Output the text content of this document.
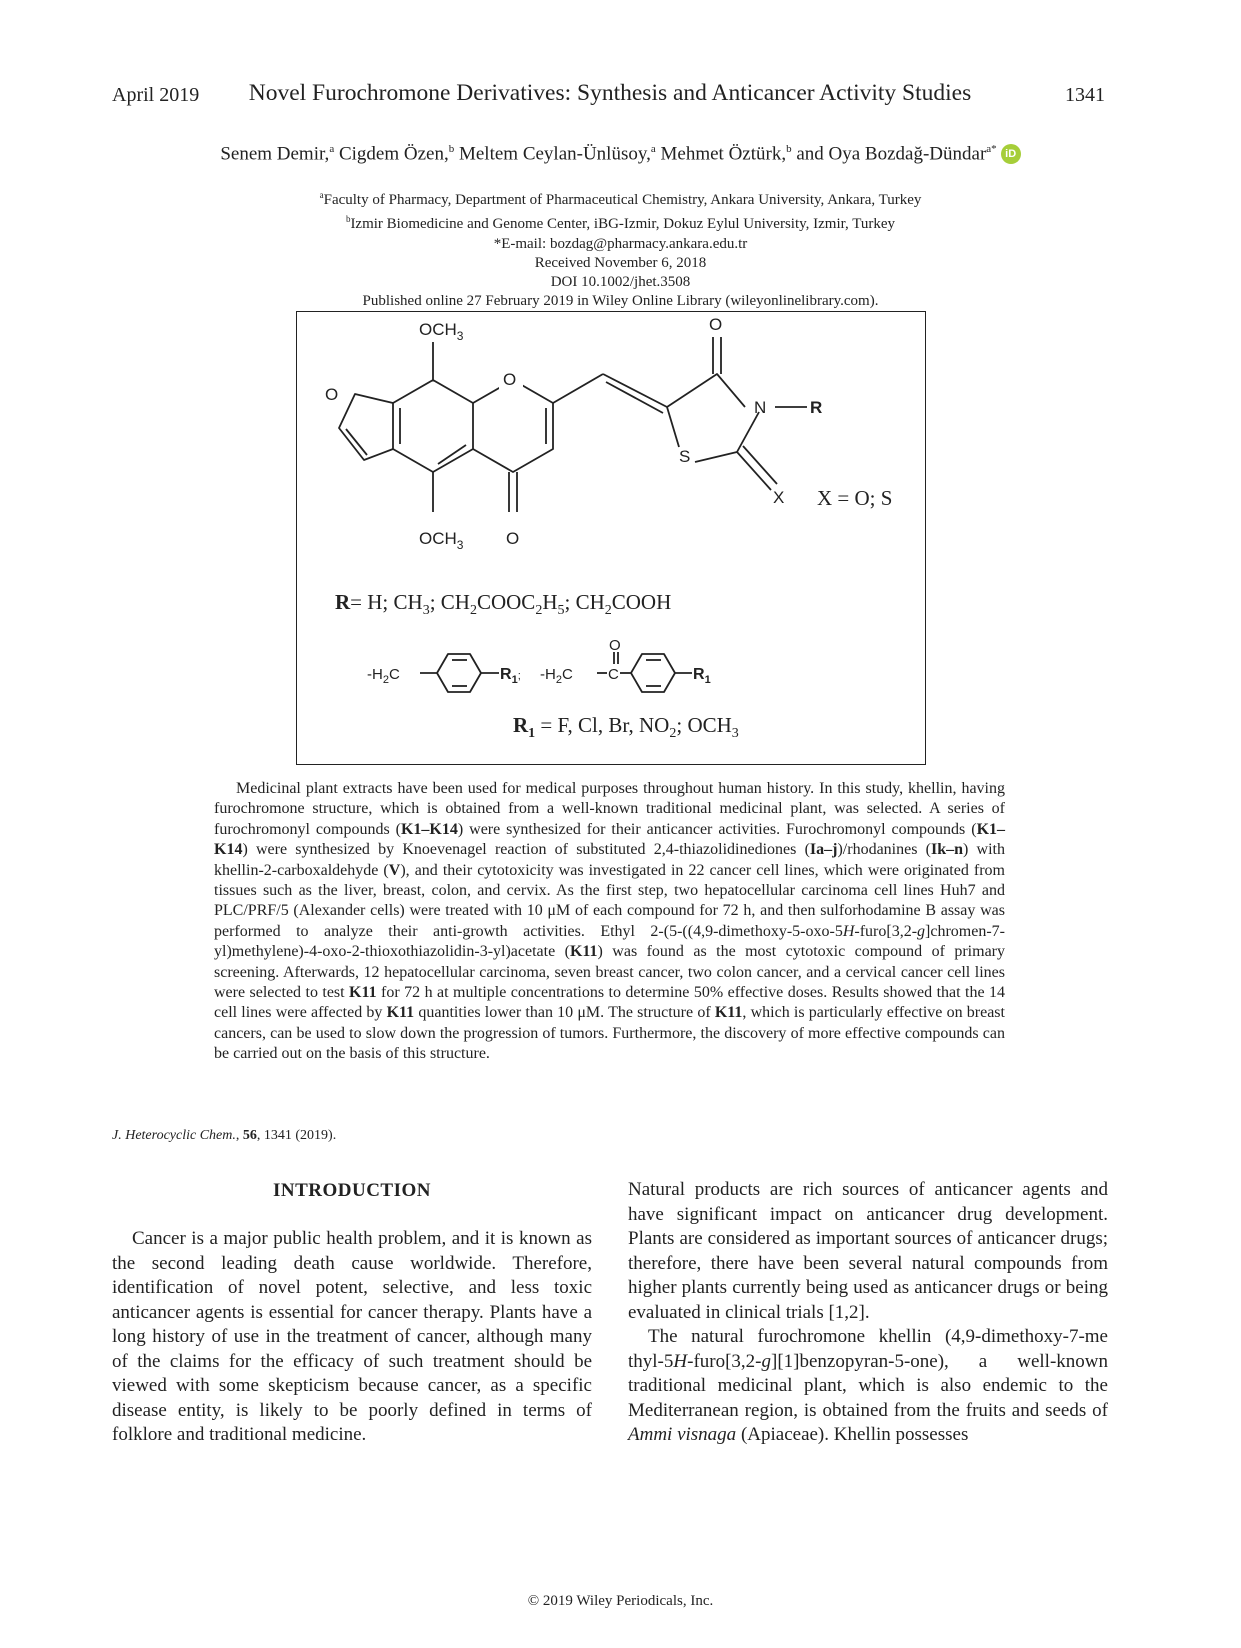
April 2019	Novel Furochromone Derivatives: Synthesis and Anticancer Activity Studies	1341
Senem Demir,$^a$ Cigdem Özen,$^b$ Meltem Ceylan-Ünlüsoy,$^a$ Mehmet Öztürk,$^b$ and Oya Bozdağ-Dündar$^{a*}$ iD
$^a$Faculty of Pharmacy, Department of Pharmaceutical Chemistry, Ankara University, Ankara, Turkey
$^b$Izmir Biomedicine and Genome Center, iBG-Izmir, Dokuz Eylul University, Izmir, Turkey
*E-mail: bozdag@pharmacy.ankara.edu.tr
Received November 6, 2018
DOI 10.1002/jhet.3508
Published online 27 February 2019 in Wiley Online Library (wileyonlinelibrary.com).
O
O
$OCH_3$
$OCH_3$	O
O
N	R
S
X
$-H_2C$	$R_1^;$ $-H_2C$ C
O
$R_1$
X = O; S
R= H; $CH_3$; $CH_2COOC_2H_5$; $CH_2COOH$
$R_1 = F$, Cl, Br, $NO_2$; $OCH_3$

Medicinal plant extracts have been used for medical purposes throughout human history. In this study, khellin, having furochromone structure, which is obtained from a well-known traditional medicinal plant, was selected. A series of furochromonyl compounds (K1–K14) were synthesized for their anticancer activities. Furochromonyl compounds (K1–K14) were synthesized by Knoevenagel reaction of substituted 2,4-thiazolidinediones (Ia–j)/rhodanines (Ik–n) with khellin-2-carboxaldehyde (V), and their cytotoxicity was investigated in 22 cancer cell lines, which were originated from tissues such as the liver, breast, colon, and cervix. As the first step, two hepatocellular carcinoma cell lines Huh7 and PLC/PRF/5 (Alexander cells) were treated with 10 μM of each compound for 72 h, and then sulforhodamine B assay was performed to analyze their anti-growth activities. Ethyl 2-(5-((4,9-dimethoxy-5-oxo-5H-furo[3,2-g]chromen-7-yl)methylene)-4-oxo-2-thioxothiazolidin-3-yl)acetate (K11) was found as the most cytotoxic compound of primary screening. Afterwards, 12 hepatocellular carcinoma, seven breast cancer, two colon cancer, and a cervical cancer cell lines were selected to test K11 for 72 h at multiple concentrations to determine 50% effective doses. Results showed that the 14 cell lines were affected by K11 quantities lower than 10 μM. The structure of K11, which is particularly effective on breast cancers, can be used to slow down the progression of tumors. Furthermore, the discovery of more effective compounds can be carried out on the basis of this structure.

J. Heterocyclic Chem., 56, 1341 (2019).
INTRODUCTION

Cancer is a major public health problem, and it is known as the second leading death cause worldwide. Therefore, identification of novel potent, selective, and less toxic anticancer agents is essential for cancer therapy. Plants have a long history of use in the treatment of cancer, although many of the claims for the efficacy of such treatment should be viewed with some skepticism because cancer, as a specific disease entity, is likely to be poorly defined in terms of folklore and traditional medicine.

Natural products are rich sources of anticancer agents and have significant impact on anticancer drug development. Plants are considered as important sources of anticancer drugs; therefore, there have been several natural compounds from higher plants currently being used as anticancer drugs or being evaluated in clinical trials [1,2].

The natural furochromone khellin (4,9-dimethoxy-7-me thyl-5H-furo[3,2-g][1]benzopyran-5-one), a well-known traditional medicinal plant, which is also endemic to the Mediterranean region, is obtained from the fruits and seeds of Ammi visnaga (Apiaceae). Khellin possesses

© 2019 Wiley Periodicals, Inc.
